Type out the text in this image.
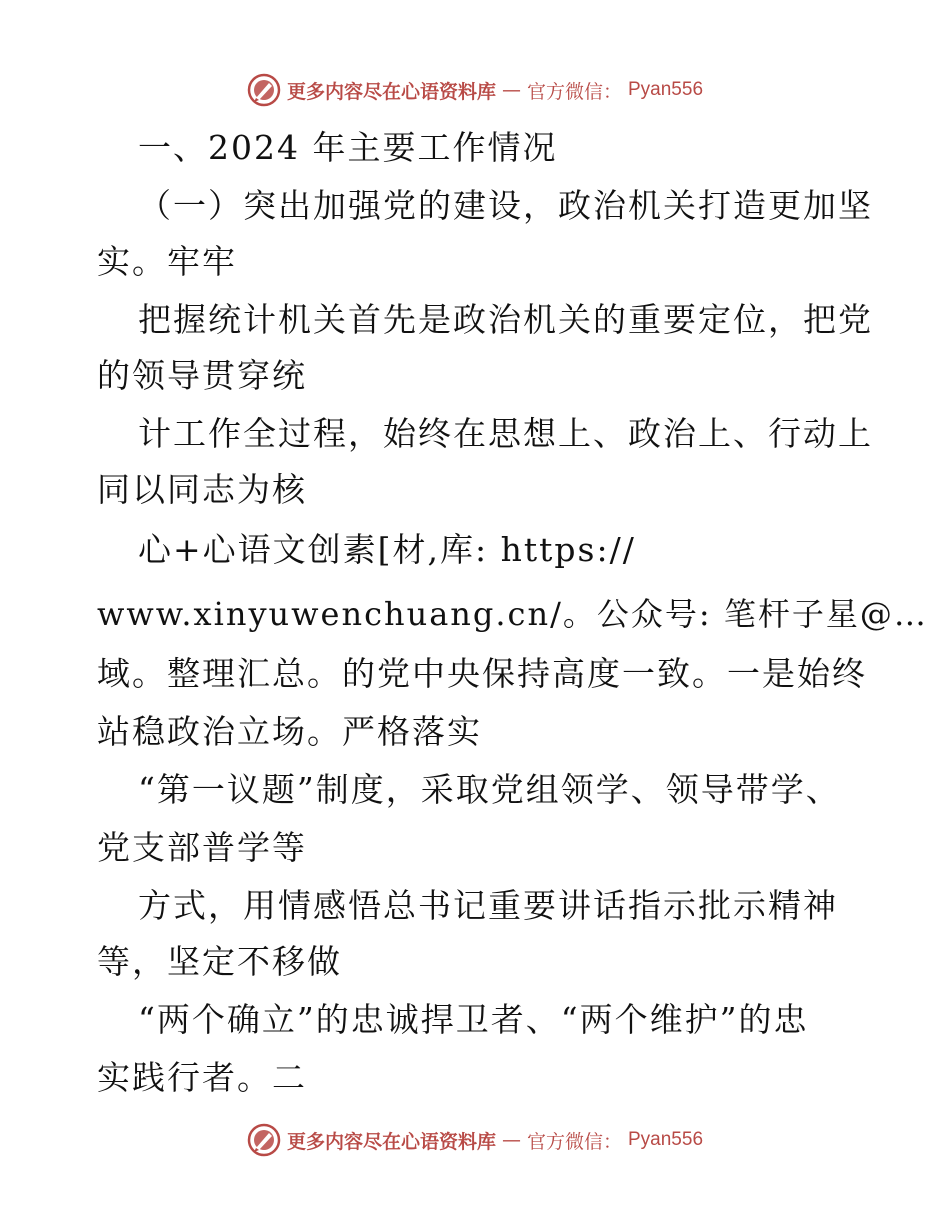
更多内容尽在心语资料库 — 官方微信： Pyan556
一、2024 年主要工作情况
（一）突出加强党的建设，政治机关打造更加坚
实。牢牢
把握统计机关首先是政治机关的重要定位，把党
的领导贯穿统
计工作全过程，始终在思想上、政治上、行动上
同以同志为核
心+心语文创素[材,库: https://
www.xinyuwenchuang.cn/。公众号: 笔杆子星@…
域。整理汇总。的党中央保持高度一致。一是始终
站稳政治立场。严格落实
“第一议题”制度，采取党组领学、领导带学、
党支部普学等
方式，用情感悟总书记重要讲话指示批示精神
等，坚定不移做
“两个确立”的忠诚捍卫者、“两个维护”的忠
实践行者。二
更多内容尽在心语资料库 — 官方微信： Pyan556
